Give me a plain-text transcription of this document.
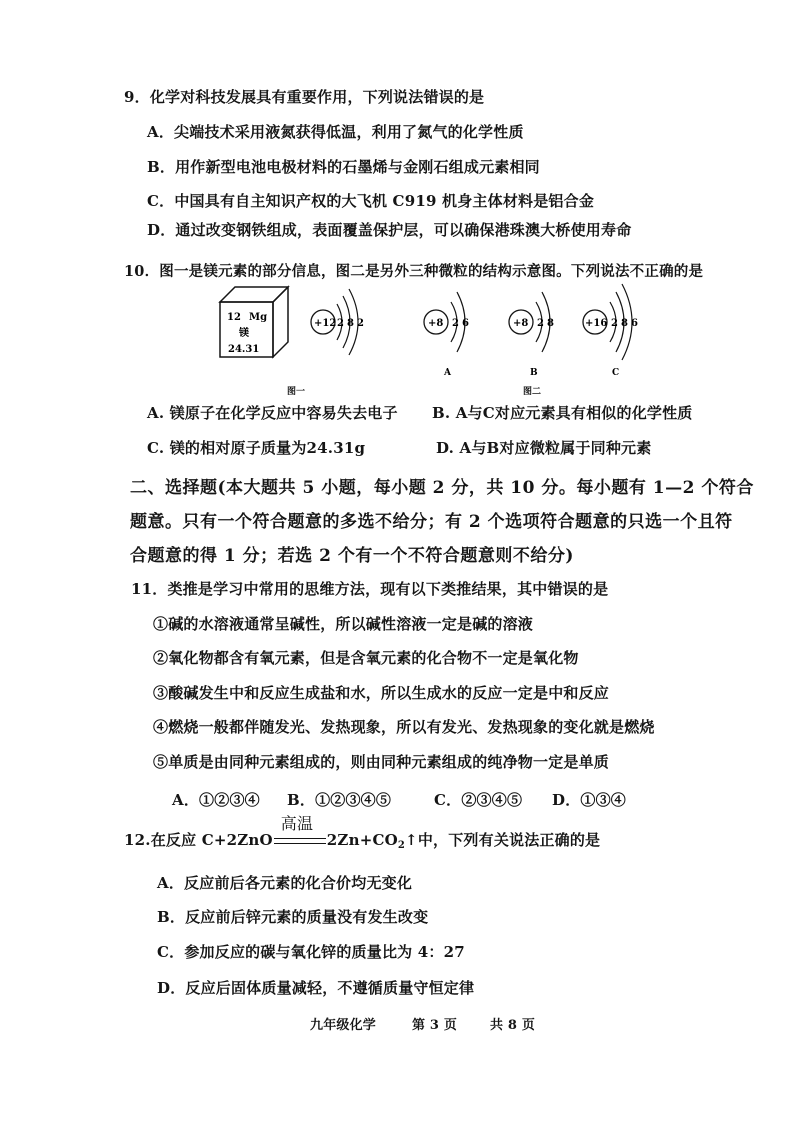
9．化学对科技发展具有重要作用，下列说法错误的是
A．尖端技术采用液氮获得低温，利用了氮气的化学性质
B．用作新型电池电极材料的石墨烯与金刚石组成元素相同
C．中国具有自主知识产权的大飞机 C919 机身主体材料是铝合金
D．通过改变钢铁组成，表面覆盖保护层，可以确保港珠澳大桥使用寿命
10．图一是镁元素的部分信息，图二是另外三种微粒的结构示意图。下列说法不正确的是
12 Mg
镁
24.31
+12 2 8 2
图一
+8 2 6
A
+8 2 8
B
+16 2 8 6
C
图二
A. 镁原子在化学反应中容易失去电子 B. A与C对应元素具有相似的化学性质
C. 镁的相对原子质量为24.31g	D. A与B对应微粒属于同种元素
二、选择题(本大题共 5 小题，每小题 2 分，共 10 分。每小题有 1—2 个符合
题意。只有一个符合题意的多选不给分；有 2 个选项符合题意的只选一个且符
合题意的得 1 分；若选 2 个有一个不符合题意则不给分)
11．类推是学习中常用的思维方法，现有以下类推结果，其中错误的是
①碱的水溶液通常呈碱性，所以碱性溶液一定是碱的溶液
②氧化物都含有氧元素，但是含氧元素的化合物不一定是氧化物
③酸碱发生中和反应生成盐和水，所以生成水的反应一定是中和反应
④燃烧一般都伴随发光、发热现象，所以有发光、发热现象的变化就是燃烧
⑤单质是由同种元素组成的，则由同种元素组成的纯净物一定是单质
A．①②③④ B．①②③④⑤	C．②③④⑤ D．①③④
12.在反应 C+2ZnO
高温
$2Zn+CO_2↑$中，下列有关说法正确的是
A．反应前后各元素的化合价均无变化
B．反应前后锌元素的质量没有发生改变
C．参加反应的碳与氧化锌的质量比为 4：27
D．反应后固体质量减轻，不遵循质量守恒定律
九年级化学	第 3 页	共 8 页
